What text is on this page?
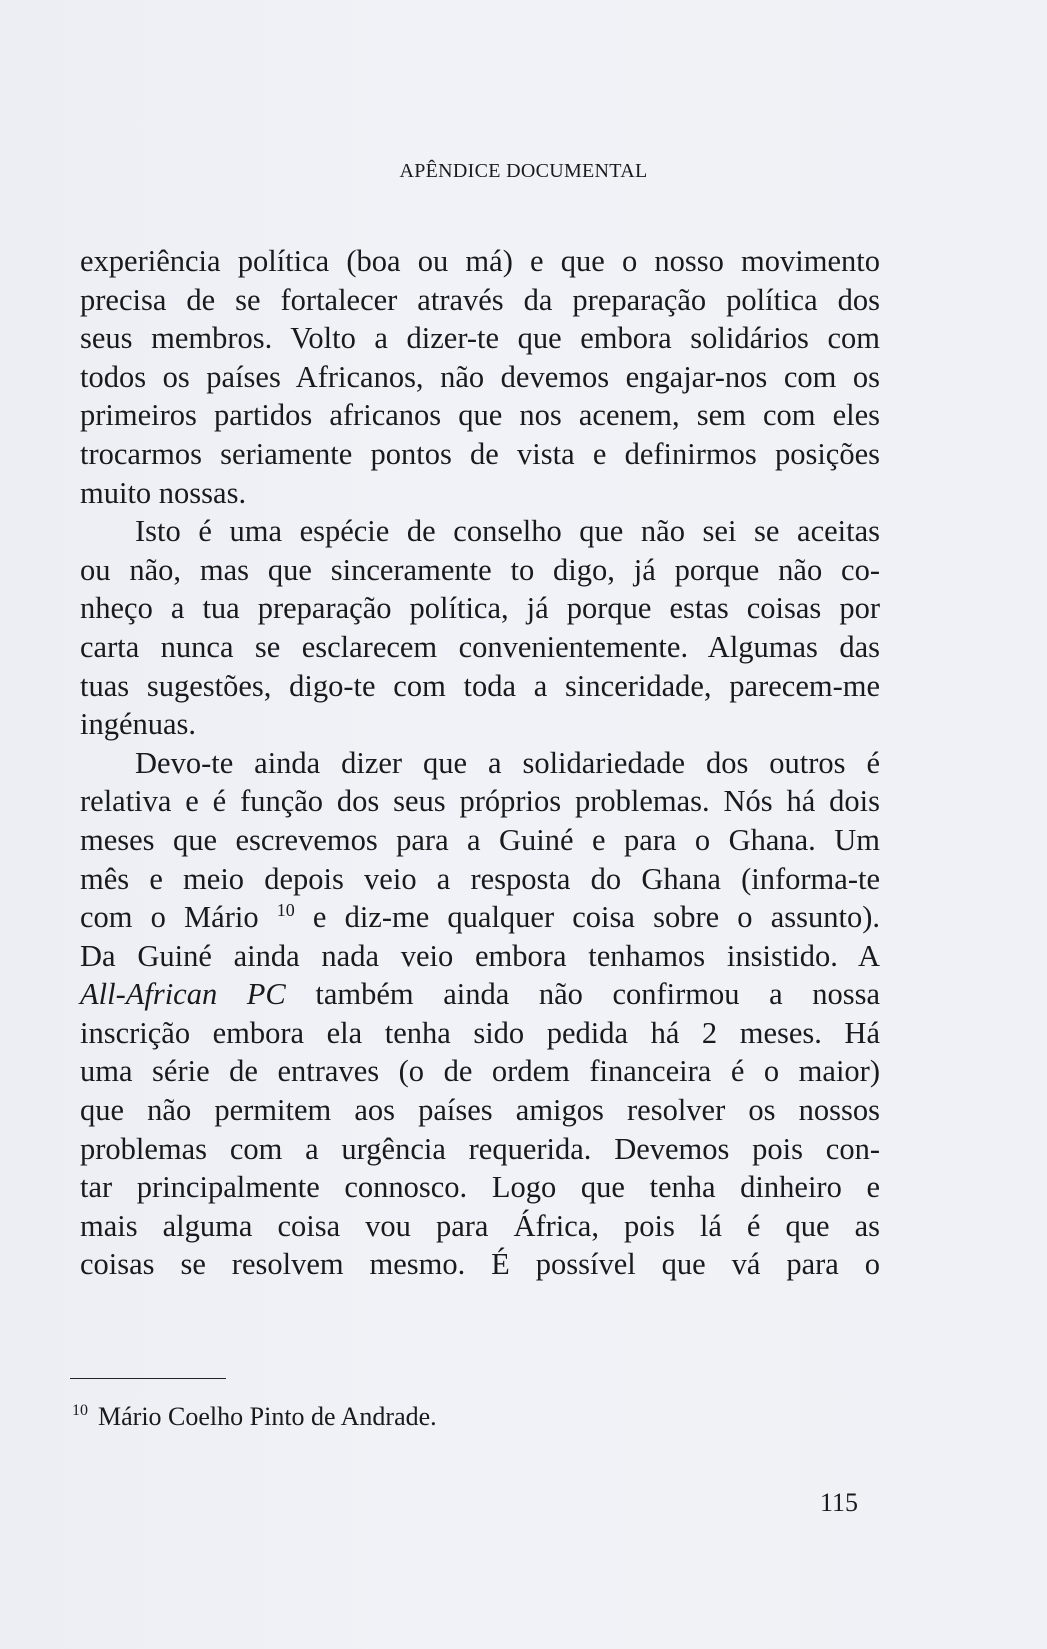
APÊNDICE DOCUMENTAL
experiência política (boa ou má) e que o nosso movimento
precisa de se fortalecer através da preparação política dos
seus membros. Volto a dizer-te que embora solidários com
todos os países Africanos, não devemos engajar-nos com os
primeiros partidos africanos que nos acenem, sem com eles
trocarmos seriamente pontos de vista e definirmos posições
muito nossas.
Isto é uma espécie de conselho que não sei se aceitas
ou não, mas que sinceramente to digo, já porque não co-
nheço a tua preparação política, já porque estas coisas por
carta nunca se esclarecem convenientemente. Algumas das
tuas sugestões, digo-te com toda a sinceridade, parecem-me
ingénuas.
Devo-te ainda dizer que a solidariedade dos outros é
relativa e é função dos seus próprios problemas. Nós há dois
meses que escrevemos para a Guiné e para o Ghana. Um
mês e meio depois veio a resposta do Ghana (informa-te
com o Mário $^{10}$ e diz-me qualquer coisa sobre o assunto).
Da Guiné ainda nada veio embora tenhamos insistido. A
All-African PC também ainda não confirmou a nossa
inscrição embora ela tenha sido pedida há 2 meses. Há
uma série de entraves (o de ordem financeira é o maior)
que não permitem aos países amigos resolver os nossos
problemas com a urgência requerida. Devemos pois con-
tar principalmente connosco. Logo que tenha dinheiro e
mais alguma coisa vou para África, pois lá é que as
coisas se resolvem mesmo. É possível que vá para o
$^{10}$ Mário Coelho Pinto de Andrade.
115
